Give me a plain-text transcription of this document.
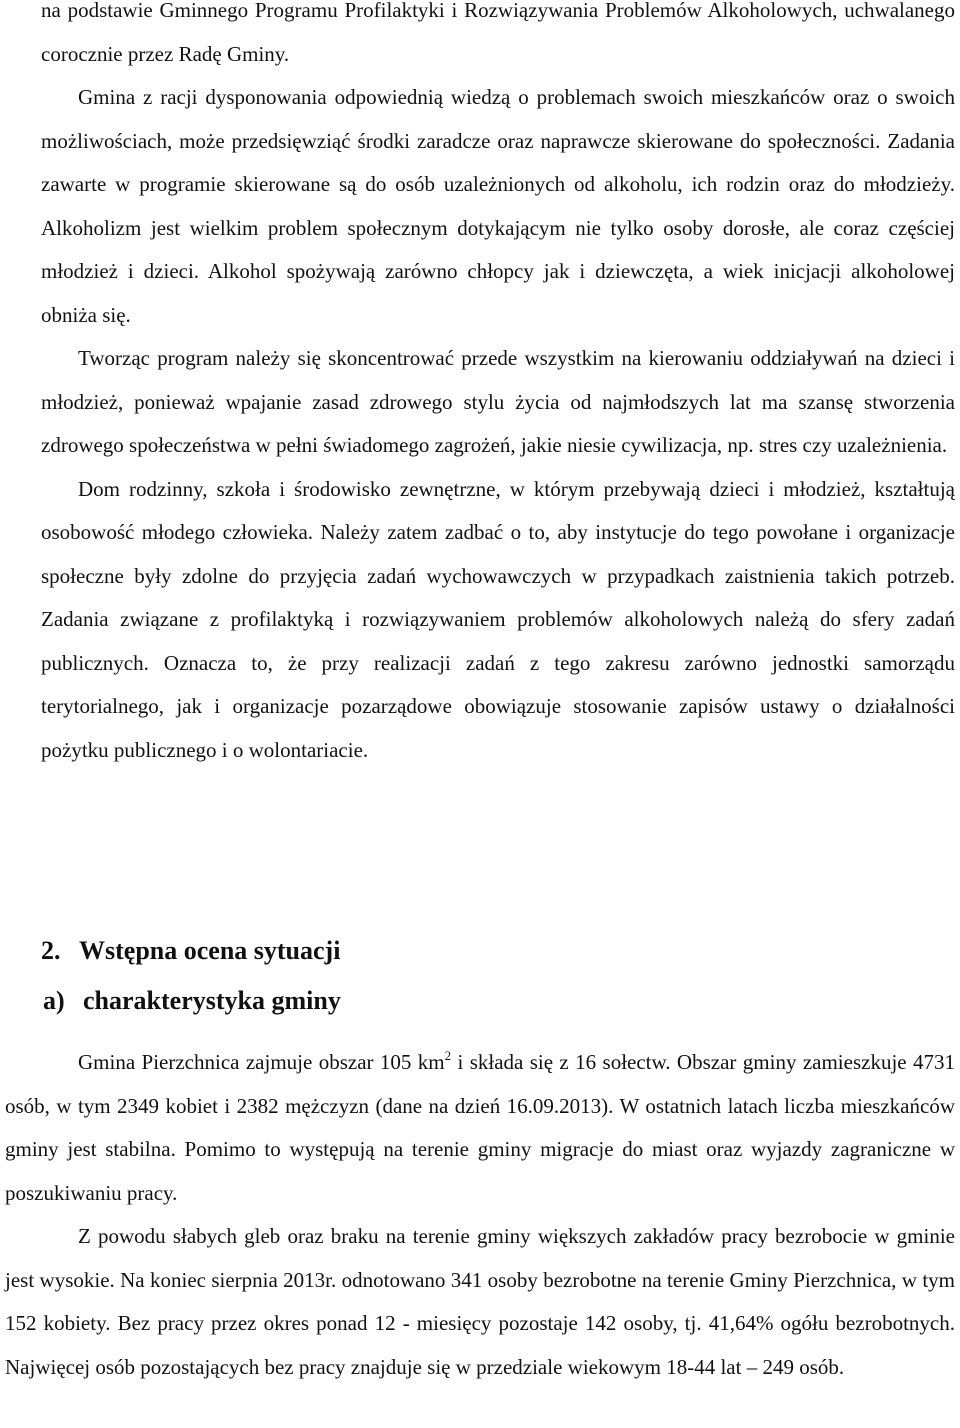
na podstawie Gminnego Programu Profilaktyki i Rozwiązywania Problemów Alkoholowych, uchwalanego corocznie przez Radę Gminy.

Gmina z racji dysponowania odpowiednią wiedzą o problemach swoich mieszkańców oraz o swoich możliwościach, może przedsięwziąć środki zaradcze oraz naprawcze skierowane do społeczności. Zadania zawarte w programie skierowane są do osób uzależnionych od alkoholu, ich rodzin oraz do młodzieży. Alkoholizm jest wielkim problem społecznym dotykającym nie tylko osoby dorosłe, ale coraz częściej młodzież i dzieci. Alkohol spożywają zarówno chłopcy jak i dziewczęta, a wiek inicjacji alkoholowej obniża się.

Tworząc program należy się skoncentrować przede wszystkim na kierowaniu oddziaływań na dzieci i młodzież, ponieważ wpajanie zasad zdrowego stylu życia od najmłodszych lat ma szansę stworzenia zdrowego społeczeństwa w pełni świadomego zagrożeń, jakie niesie cywilizacja, np. stres czy uzależnienia.

Dom rodzinny, szkoła i środowisko zewnętrzne, w którym przebywają dzieci i młodzież, kształtują osobowość młodego człowieka. Należy zatem zadbać o to, aby instytucje do tego powołane i organizacje społeczne były zdolne do przyjęcia zadań wychowawczych w przypadkach zaistnienia takich potrzeb. Zadania związane z profilaktyką i rozwiązywaniem problemów alkoholowych należą do sfery zadań publicznych. Oznacza to, że przy realizacji zadań z tego zakresu zarówno jednostki samorządu terytorialnego, jak i organizacje pozarządowe obowiązuje stosowanie zapisów ustawy o działalności pożytku publicznego i o wolontariacie.

2. Wstępna ocena sytuacji
a) charakterystyka gminy

Gmina Pierzchnica zajmuje obszar 105 $km^2$ i składa się z 16 sołectw. Obszar gminy zamieszkuje 4731 osób, w tym 2349 kobiet i 2382 mężczyzn (dane na dzień 16.09.2013). W ostatnich latach liczba mieszkańców gminy jest stabilna. Pomimo to występują na terenie gminy migracje do miast oraz wyjazdy zagraniczne w poszukiwaniu pracy.

Z powodu słabych gleb oraz braku na terenie gminy większych zakładów pracy bezrobocie w gminie jest wysokie. Na koniec sierpnia 2013r. odnotowano 341 osoby bezrobotne na terenie Gminy Pierzchnica, w tym 152 kobiety. Bez pracy przez okres ponad 12 - miesięcy pozostaje 142 osoby, tj. 41,64% ogółu bezrobotnych. Najwięcej osób pozostających bez pracy znajduje się w przedziale wiekowym 18-44 lat – 249 osób.
